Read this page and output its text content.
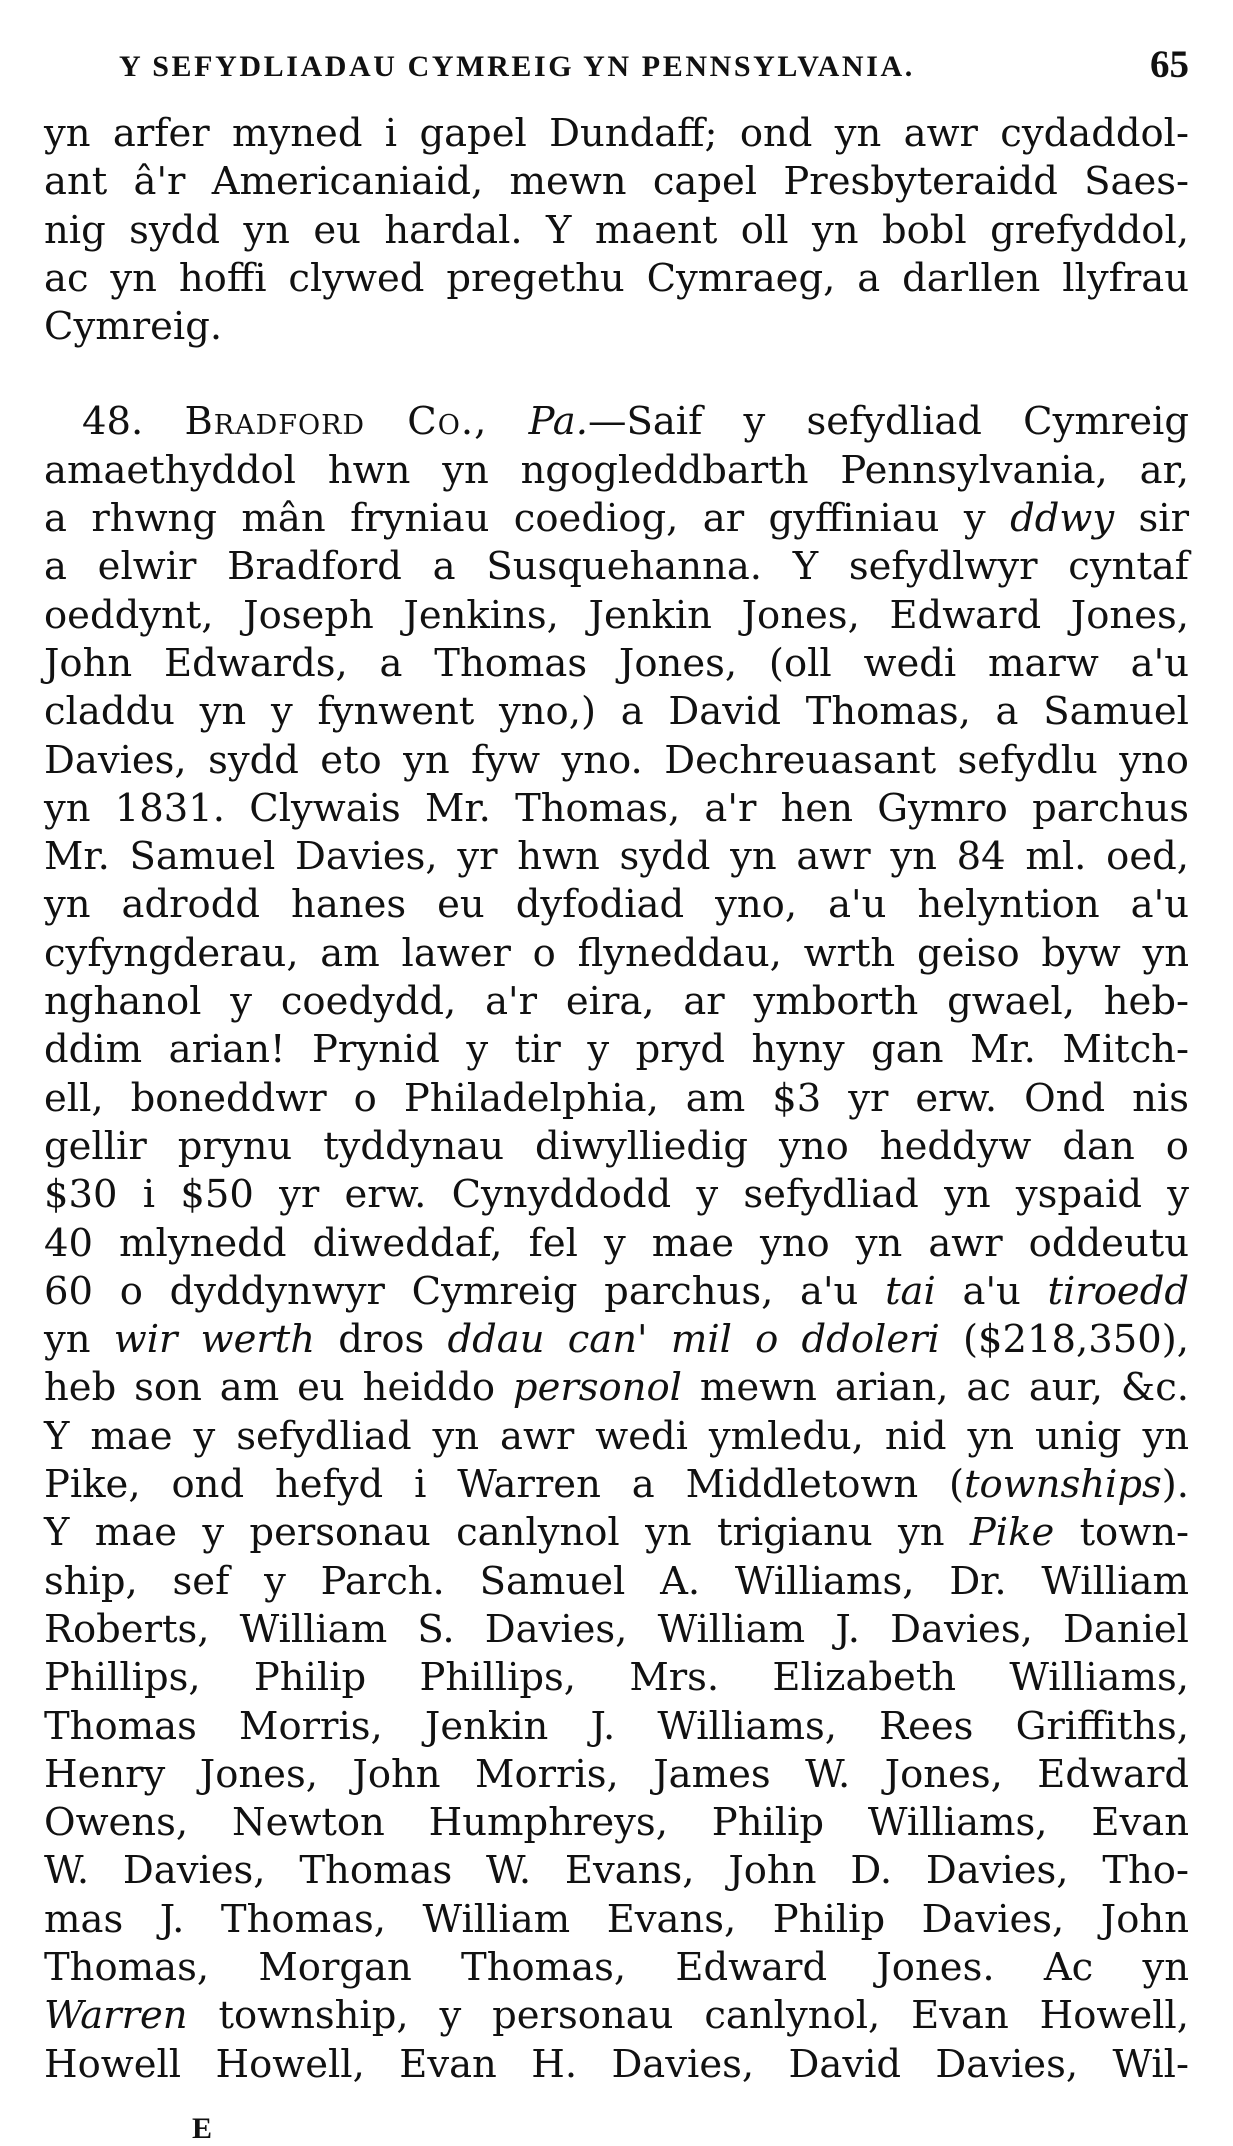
Y SEFYDLIADAU CYMREIG YN PENNSYLVANIA.	65
yn arfer myned i gapel Dundaff; ond yn awr cydaddol-
ant â'r Americaniaid, mewn capel Presbyteraidd Saes-
nig sydd yn eu hardal. Y maent oll yn bobl grefyddol,
ac yn hoffi clywed pregethu Cymraeg, a darllen llyfrau
Cymreig.
48. Bradford Co., Pa.—Saif y sefydliad Cymreig
amaethyddol hwn yn ngogleddbarth Pennsylvania, ar,
a rhwng mân fryniau coediog, ar gyffiniau y ddwy sir
a elwir Bradford a Susquehanna. Y sefydlwyr cyntaf
oeddynt, Joseph Jenkins, Jenkin Jones, Edward Jones,
John Edwards, a Thomas Jones, (oll wedi marw a'u
claddu yn y fynwent yno,) a David Thomas, a Samuel
Davies, sydd eto yn fyw yno. Dechreuasant sefydlu yno
yn 1831. Clywais Mr. Thomas, a'r hen Gymro parchus
Mr. Samuel Davies, yr hwn sydd yn awr yn 84 ml. oed,
yn adrodd hanes eu dyfodiad yno, a'u helyntion a'u
cyfyngderau, am lawer o flyneddau, wrth geiso byw yn
nghanol y coedydd, a'r eira, ar ymborth gwael, heb-
ddim arian! Prynid y tir y pryd hyny gan Mr. Mitch-
ell, boneddwr o Philadelphia, am $3 yr erw. Ond nis
gellir prynu tyddynau diwylliedig yno heddyw dan o
$30 i $50 yr erw. Cynyddodd y sefydliad yn yspaid y
40 mlynedd diweddaf, fel y mae yno yn awr oddeutu
60 o dyddynwyr Cymreig parchus, a'u tai a'u tiroedd
yn wir werth dros ddau can' mil o ddoleri ($218,350),
heb son am eu heiddo personol mewn arian, ac aur, &c.
Y mae y sefydliad yn awr wedi ymledu, nid yn unig yn
Pike, ond hefyd i Warren a Middletown (townships).
Y mae y personau canlynol yn trigianu yn Pike town-
ship, sef y Parch. Samuel A. Williams, Dr. William
Roberts, William S. Davies, William J. Davies, Daniel
Phillips, Philip Phillips, Mrs. Elizabeth Williams,
Thomas Morris, Jenkin J. Williams, Rees Griffiths,
Henry Jones, John Morris, James W. Jones, Edward
Owens, Newton Humphreys, Philip Williams, Evan
W. Davies, Thomas W. Evans, John D. Davies, Tho-
mas J. Thomas, William Evans, Philip Davies, John
Thomas, Morgan Thomas, Edward Jones. Ac yn
Warren township, y personau canlynol, Evan Howell,
Howell Howell, Evan H. Davies, David Davies, Wil-
E
